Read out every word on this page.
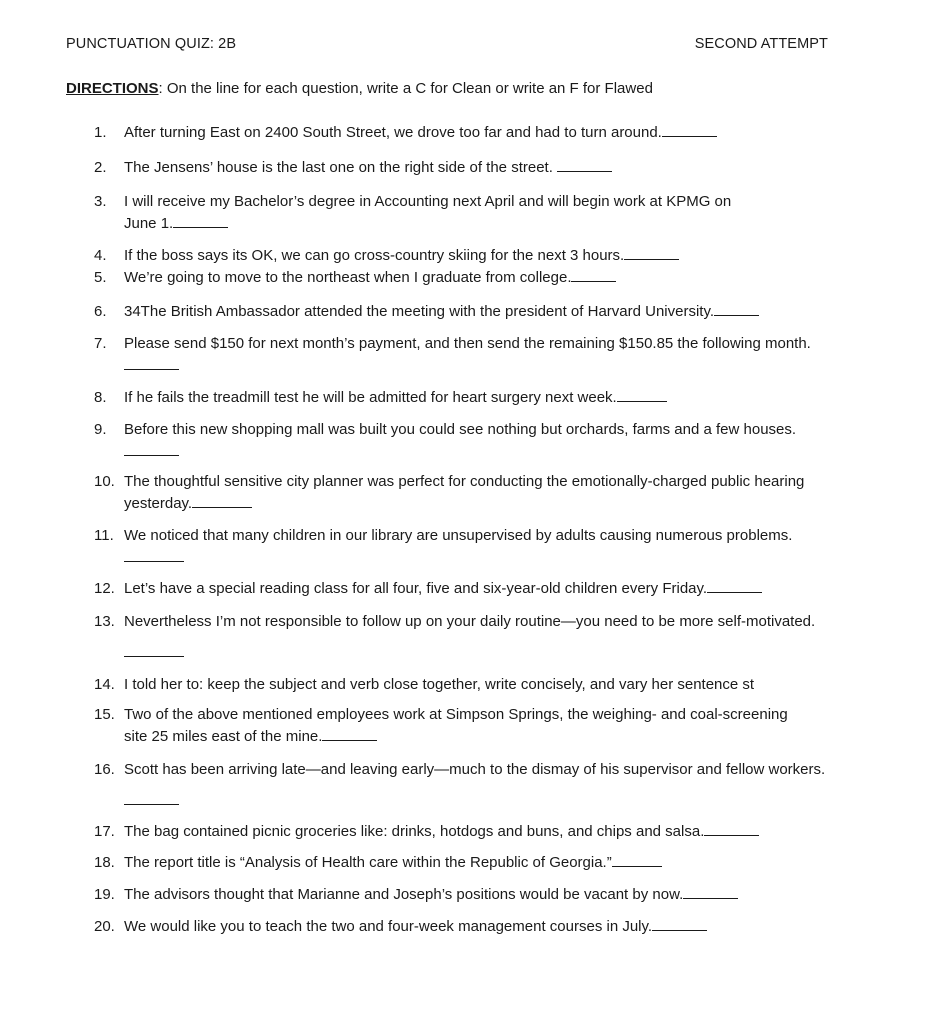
PUNCTUATION QUIZ: 2B	SECOND ATTEMPT
DIRECTIONS: On the line for each question, write a C for Clean or write an F for Flawed
1.	After turning East on 2400 South Street, we drove too far and had to turn around.
2.	The Jensens’ house is the last one on the right side of the street.
3.	I will receive my Bachelor’s degree in Accounting next April and will begin work at KPMG on June 1.
4.	If the boss says its OK, we can go cross-country skiing for the next 3 hours.
5.	We’re going to move to the northeast when I graduate from college.
6.	34The British Ambassador attended the meeting with the president of Harvard University.
7.	Please send $150 for next month’s payment, and then send the remaining $150.85 the following month.
8.	If he fails the treadmill test he will be admitted for heart surgery next week.
9.	Before this new shopping mall was built you could see nothing but orchards, farms and a few houses.
10. The thoughtful sensitive city planner was perfect for conducting the emotionally-charged public hearing yesterday.
11. We noticed that many children in our library are unsupervised by adults causing numerous problems.
12. Let’s have a special reading class for all four, five and six-year-old children every Friday.
13. Nevertheless I’m not responsible to follow up on your daily routine—you need to be more self-motivated.
14. I told her to: keep the subject and verb close together, write concisely, and vary her sentence st
15. Two of the above mentioned employees work at Simpson Springs, the weighing- and coal-screening site 25 miles east of the mine.
16. Scott has been arriving late—and leaving early—much to the dismay of his supervisor and fellow workers.
17. The bag contained picnic groceries like: drinks, hotdogs and buns, and chips and salsa.
18. The report title is “Analysis of Health care within the Republic of Georgia.”
19. The advisors thought that Marianne and Joseph’s positions would be vacant by now.
20. We would like you to teach the two and four-week management courses in July.
